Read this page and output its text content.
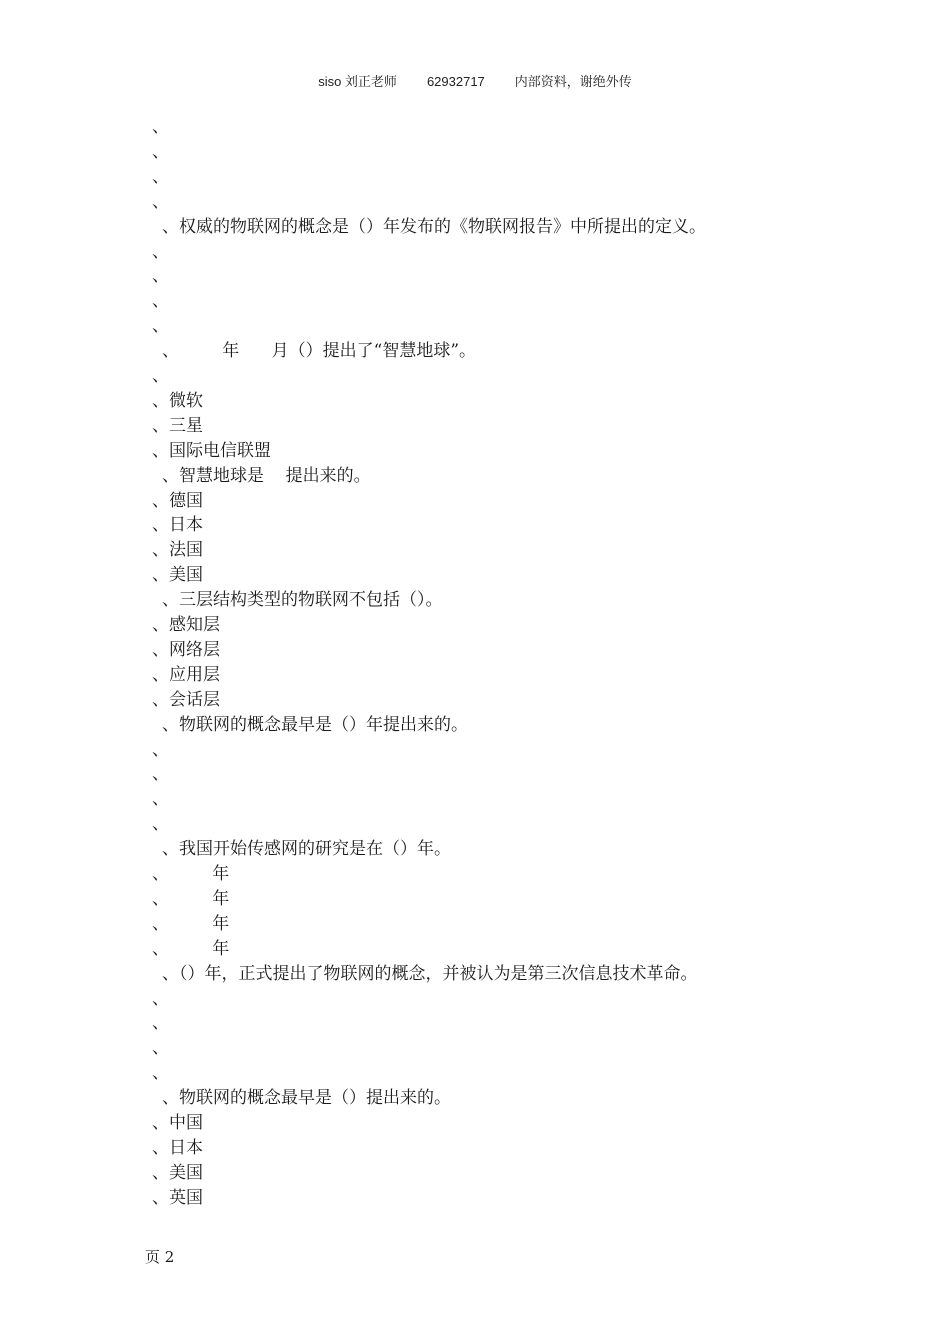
siso 刘正老师 62932717 内部资料，谢绝外传
、
、
、
、
、权威的物联网的概念是（）年发布的《物联网报告》中所提出的定义。
、
、
、
、
、        年      月（）提出了“智慧地球”。
、
、微软
、三星
、国际电信联盟
、智慧地球是    提出来的。
、德国
、日本
、法国
、美国
、三层结构类型的物联网不包括（）。
、感知层
、网络层
、应用层
、会话层
、物联网的概念最早是（）年提出来的。
、
、
、
、
、我国开始传感网的研究是在（）年。
、        年
、        年
、        年
、        年
、（）年，正式提出了物联网的概念，并被认为是第三次信息技术革命。
、
、
、
、
、物联网的概念最早是（）提出来的。
、中国
、日本
、美国
、英国
页 2
